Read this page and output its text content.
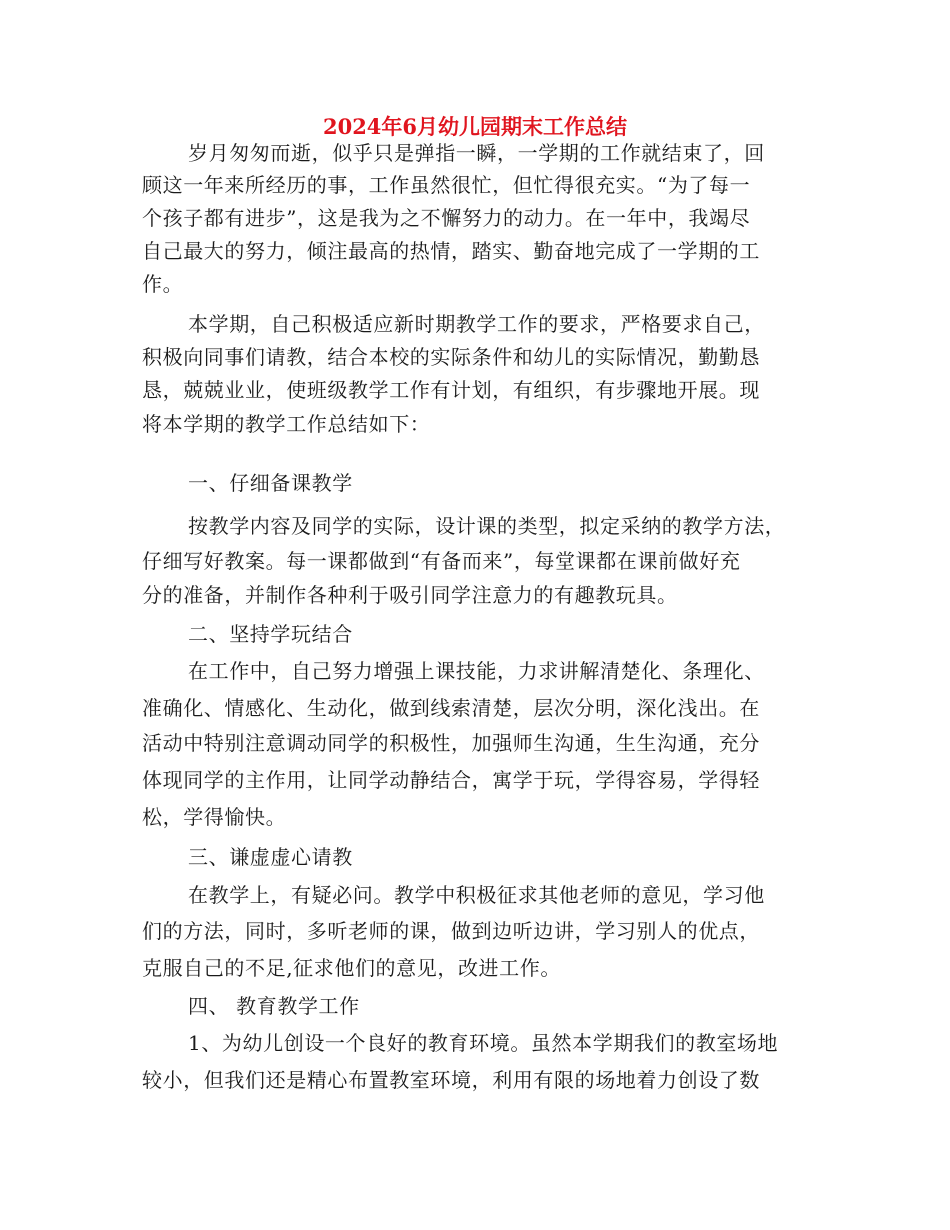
2024年6月幼儿园期末工作总结
岁月匆匆而逝，似乎只是弹指一瞬，一学期的工作就结束了，回
顾这一年来所经历的事，工作虽然很忙，但忙得很充实。“为了每一
个孩子都有进步”，这是我为之不懈努力的动力。在一年中，我竭尽
自己最大的努力，倾注最高的热情，踏实、勤奋地完成了一学期的工
作。
本学期，自己积极适应新时期教学工作的要求，严格要求自己，
积极向同事们请教，结合本校的实际条件和幼儿的实际情况，勤勤恳
恳，兢兢业业，使班级教学工作有计划，有组织，有步骤地开展。现
将本学期的教学工作总结如下：
一、仔细备课教学
按教学内容及同学的实际，设计课的类型，拟定采纳的教学方法，
仔细写好教案。每一课都做到“有备而来”，每堂课都在课前做好充
分的准备，并制作各种利于吸引同学注意力的有趣教玩具。
二、坚持学玩结合
在工作中，自己努力增强上课技能，力求讲解清楚化、条理化、
准确化、情感化、生动化，做到线索清楚，层次分明，深化浅出。在
活动中特别注意调动同学的积极性，加强师生沟通，生生沟通，充分
体现同学的主作用，让同学动静结合，寓学于玩，学得容易，学得轻
松，学得愉快。
三、谦虚虚心请教
在教学上，有疑必问。教学中积极征求其他老师的意见，学习他
们的方法，同时，多听老师的课，做到边听边讲，学习别人的优点，
克服自己的不足,征求他们的意见，改进工作。
四、 教育教学工作
1、为幼儿创设一个良好的教育环境。虽然本学期我们的教室场地
较小，但我们还是精心布置教室环境，利用有限的场地着力创设了数
